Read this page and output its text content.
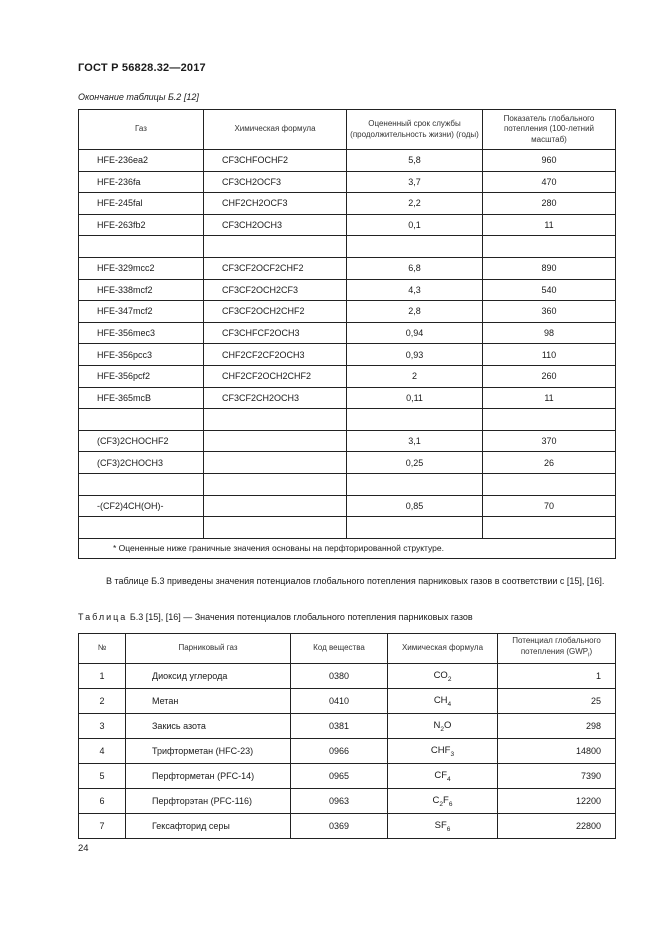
ГОСТ Р 56828.32—2017
Окончание таблицы Б.2 [12]
Газ	Химическая формула	Оцененный срок службы (продолжительность жизни) (годы)	Показатель глобального потепления (100-летний масштаб)
HFE-236ea2	CF3CHFOCHF2	5,8	960
HFE-236fa	CF3CH2OCF3	3,7	470
HFE-245fal	CHF2CH2OCF3	2,2	280
HFE-263fb2	CF3CH2OCH3	0,1	11

HFE-329mcc2	CF3CF2OCF2CHF2	6,8	890
HFE-338mcf2	CF3CF2OCH2CF3	4,3	540
HFE-347mcf2	CF3CF2OCH2CHF2	2,8	360
HFE-356mec3	CF3CHFCF2OCH3	0,94	98
HFE-356pcc3	CHF2CF2CF2OCH3	0,93	110
HFE-356pcf2	CHF2CF2OCH2CHF2	2	260
HFE-365mcB	CF3CF2CH2OCH3	0,11	11

(CF3)2CHOCHF2		3,1	370
(CF3)2CHOCH3		0,25	26

-(CF2)4CH(OH)-		0,85	70

* Оцененные ниже граничные значения основаны на перфторированной структуре.			
В таблице Б.3 приведены значения потенциалов глобального потепления парниковых газов в соответствии с [15], [16].
Таблица Б.3 [15], [16] — Значения потенциалов глобального потепления парниковых газов
№	Парниковый газ	Код вещества	Химическая формула	Потенциал глобального потепления $(GWP_i)$
1	Диоксид углерода	0380	$CO_2$	1
2	Метан	0410	$CH_4$	25
3	Закись азота	0381	$N_2O$	298
4	Трифторметан (HFC-23)	0966	$CHF_3$	14800
5	Перфторметан (PFC-14)	0965	$CF_4$	7390
6	Перфторэтан (PFC-116)	0963	$C_2F_6$	12200
7	Гексафторид серы	0369	$SF_6$	22800
24
